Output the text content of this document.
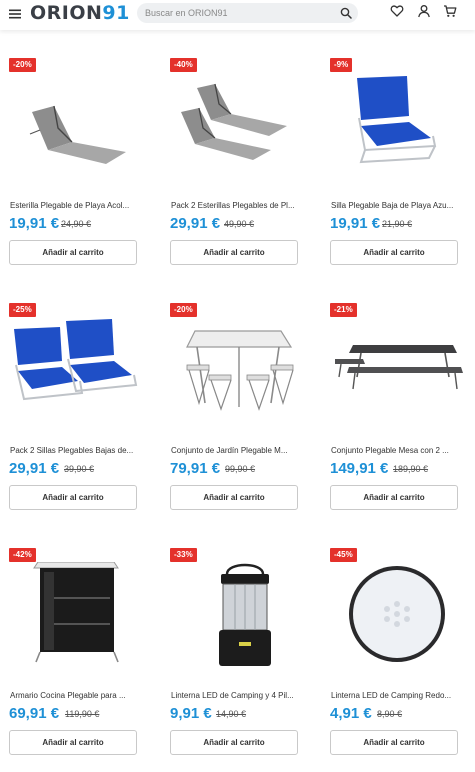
ORION91
Buscar en ORION91
-20%
Esterilla Plegable de Playa Acol...
19,91 € 24,90 €
Añadir al carrito
-40%
Pack 2 Esterillas Plegables de Pl...
29,91 € 49,90 €
Añadir al carrito
-9%
Silla Plegable Baja de Playa Azu...
19,91 € 21,90 €
Añadir al carrito
-25%
Pack 2 Sillas Plegables Bajas de...
29,91 € 39,90 €
Añadir al carrito
-20%
Conjunto de Jardín Plegable M...
79,91 € 99,90 €
Añadir al carrito
-21%
Conjunto Plegable Mesa con 2 ...
149,91 € 189,90 €
Añadir al carrito
-42%
Armario Cocina Plegable para ...
69,91 € 119,90 €
Añadir al carrito
-33%
Linterna LED de Camping y 4 Pil...
9,91 € 14,90 €
Añadir al carrito
-45%
Linterna LED de Camping Redo...
4,91 € 8,90 €
Añadir al carrito
